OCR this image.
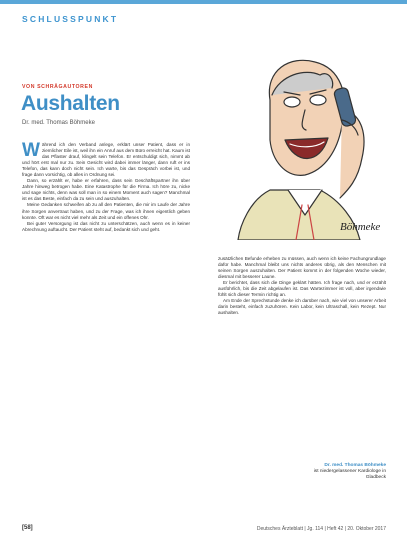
SCHLUSSPUNKT
VON SCHRÄGAUTOREN
Aushalten
Dr. med. Thomas Böhmeke
Böhmeke

Während ich den Verband anlege, erklärt unser Patient, dass er in ziemlicher Eile ist, weil ihn ein Anruf aus dem Büro erreicht hat. Kaum ist das Pflaster drauf, klingelt sein Telefon. Er entschuldigt sich, nimmt ab und hört erst mal nur zu. Sein Gesicht wird dabei immer länger, dann ruft er ins Telefon, das kann doch nicht sein. Ich warte, bis das Gespräch vorbei ist, und frage dann vorsichtig, ob alles in Ordnung sei.

Dann, so erzählt er, habe er erfahren, dass sein Geschäftspartner ihn über Jahre hinweg betrogen habe. Eine Katastrophe für die Firma. Ich höre zu, nicke und sage nichts, denn was soll man in so einem Moment auch sagen? Manchmal ist es das Beste, einfach da zu sein und auszuhalten.

Meine Gedanken schweifen ab zu all den Patienten, die mir im Laufe der Jahre ihre Sorgen anvertraut haben, und zu der Frage, was ich ihnen eigentlich geben konnte. Oft war es nicht viel mehr als Zeit und ein offenes Ohr.

Bei guter Versorgung ist das nicht zu unterschätzen, auch wenn es in keiner Abrechnung auftaucht. Der Patient steht auf, bedankt sich und geht.

zusätzlichen Befunde erheben zu müssen, auch wenn ich keine Fachungrundlage dafür habe. Manchmal bleibt uns nichts anderes übrig, als den Menschen mit seinen Sorgen auszuhalten. Der Patient kommt in der folgenden Woche wieder, diesmal mit besserer Laune.

Er berichtet, dass sich die Dinge geklärt hätten. Ich frage nach, und er erzählt ausführlich, bis die Zeit abgelaufen ist. Das Wartezimmer ist voll, aber irgendwie fühlt sich dieser Termin richtig an.

Am Ende der Sprechstunde denke ich darüber nach, wie viel von unserer Arbeit darin besteht, einfach zuzuhören. Kein Labor, kein Ultraschall, kein Rezept. Nur aushalten.

Dr. med. Thomas Böhmeke
ist niedergelassener Kardiologe in Gladbeck
[58]	Deutsches Ärzteblatt | Jg. 114 | Heft 42 | 20. Oktober 2017
